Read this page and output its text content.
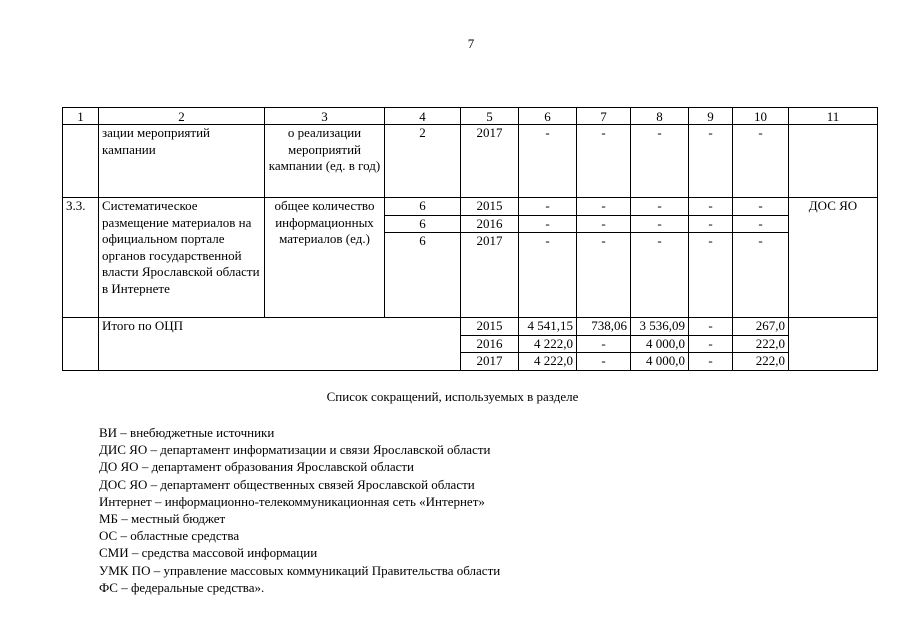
7
1	2	3	4	5	6	7	8	9	10	11
	зации мероприятий кампании	о реализации мероприятий кампании (ед. в год)	2	2017	-	-	-	-	-	
3.3.	Систематическое размещение материалов на официальном портале органов государственной власти Ярославской области в Интернете	общее количество информационных материалов (ед.)	6	2015	-	-	-	-	-	ДОС ЯО
			6	2016	-	-	-	-	-	
			6	2017	-	-	-	-	-	
	Итого по ОЦП			2015	4 541,15	738,06	3 536,09	-	267,0	
				2016	4 222,0	-	4 000,0	-	222,0	
				2017	4 222,0	-	4 000,0	-	222,0	
Список сокращений, используемых в разделе
ВИ – внебюджетные источники
ДИС ЯО – департамент информатизации и связи Ярославской области
ДО ЯО – департамент образования Ярославской области
ДОС ЯО – департамент общественных связей Ярославской области
Интернет – информационно-телекоммуникационная сеть «Интернет»
МБ – местный бюджет
ОС – областные средства
СМИ – средства массовой информации
УМК ПО – управление массовых коммуникаций Правительства области
ФС – федеральные средства».
